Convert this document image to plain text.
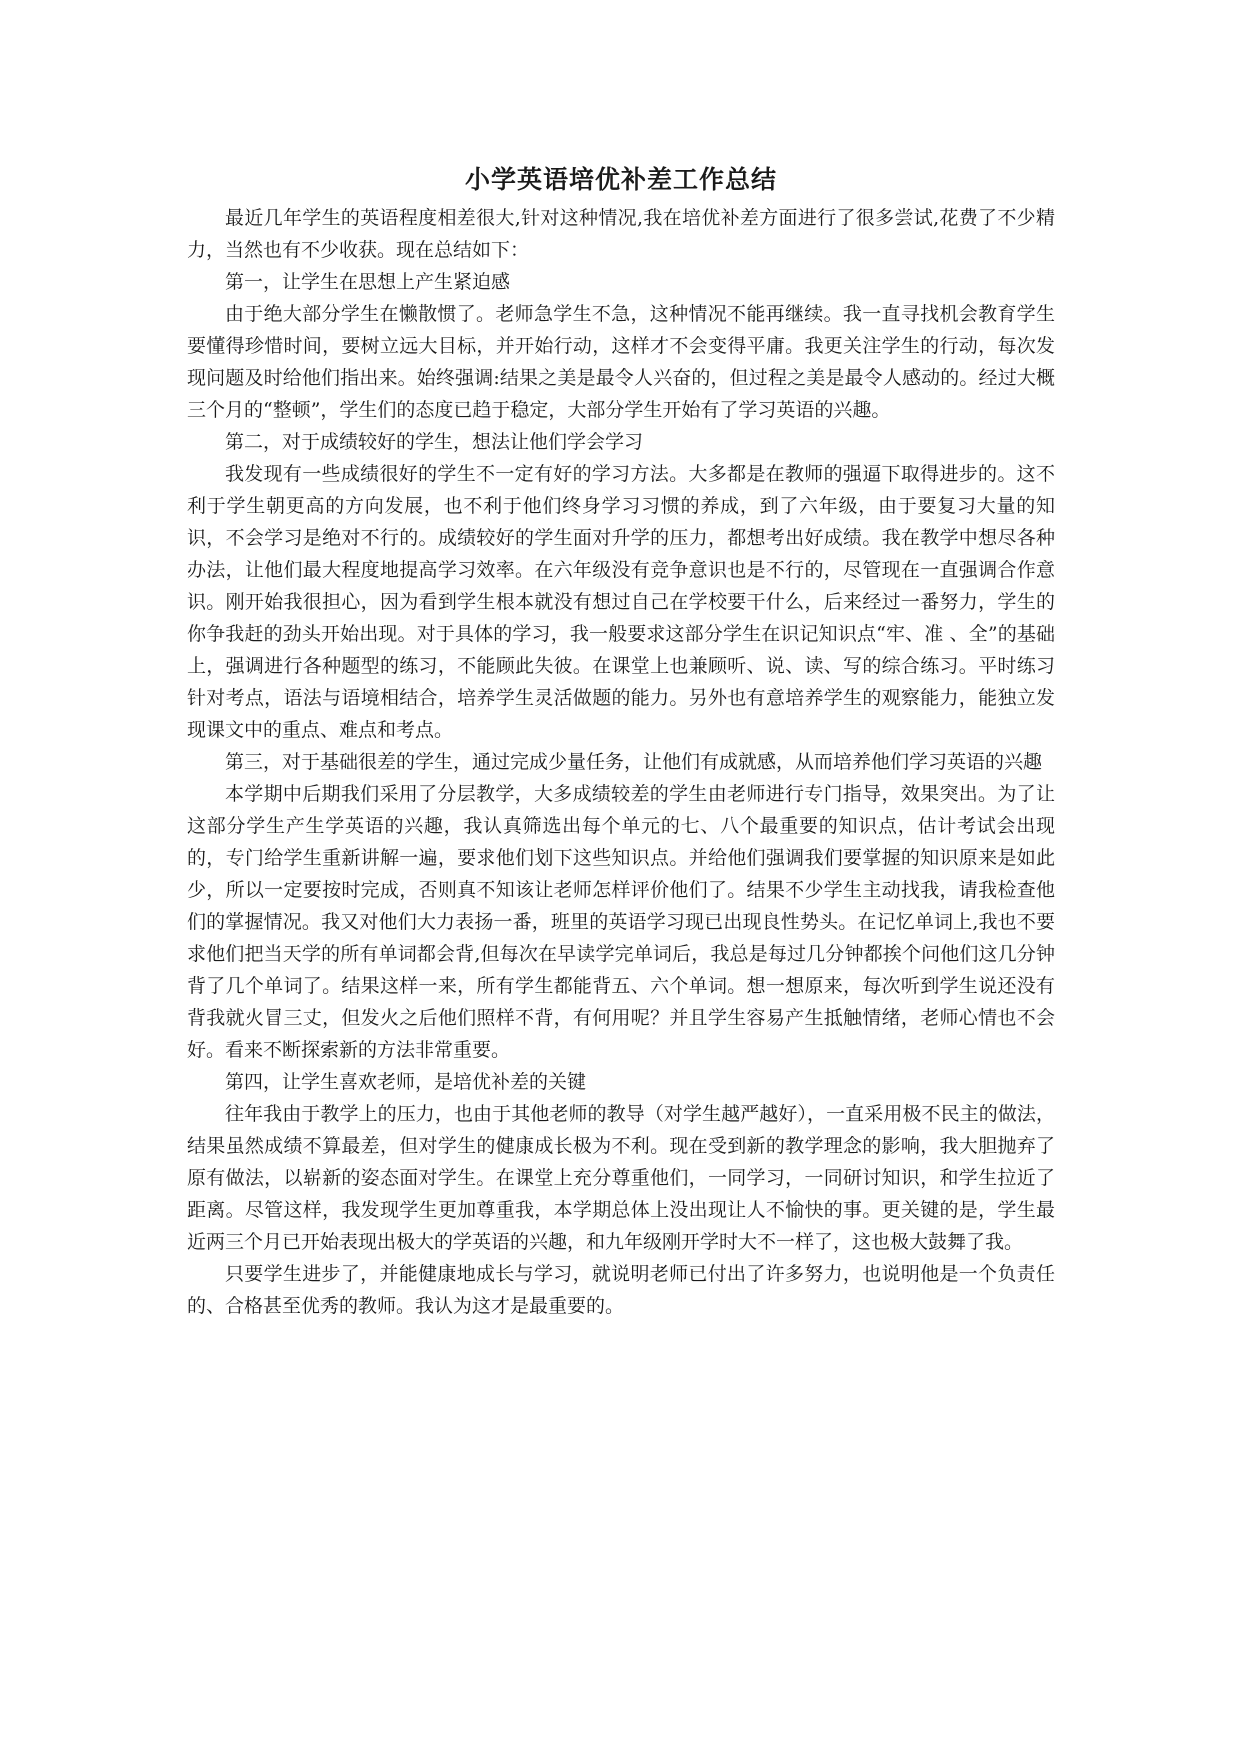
小学英语培优补差工作总结

最近几年学生的英语程度相差很大,针对这种情况,我在培优补差方面进行了很多尝试,花费了不少精力，当然也有不少收获。现在总结如下：

第一，让学生在思想上产生紧迫感

由于绝大部分学生在懒散惯了。老师急学生不急，这种情况不能再继续。我一直寻找机会教育学生要懂得珍惜时间，要树立远大目标，并开始行动，这样才不会变得平庸。我更关注学生的行动，每次发现问题及时给他们指出来。始终强调:结果之美是最令人兴奋的，但过程之美是最令人感动的。经过大概三个月的“整顿”，学生们的态度已趋于稳定，大部分学生开始有了学习英语的兴趣。

第二，对于成绩较好的学生，想法让他们学会学习

我发现有一些成绩很好的学生不一定有好的学习方法。大多都是在教师的强逼下取得进步的。这不利于学生朝更高的方向发展，也不利于他们终身学习习惯的养成，到了六年级，由于要复习大量的知识，不会学习是绝对不行的。成绩较好的学生面对升学的压力，都想考出好成绩。我在教学中想尽各种办法，让他们最大程度地提高学习效率。在六年级没有竞争意识也是不行的，尽管现在一直强调合作意识。刚开始我很担心，因为看到学生根本就没有想过自己在学校要干什么，后来经过一番努力，学生的你争我赶的劲头开始出现。对于具体的学习，我一般要求这部分学生在识记知识点“牢、准 、全”的基础上，强调进行各种题型的练习，不能顾此失彼。在课堂上也兼顾听、说、读、写的综合练习。平时练习针对考点，语法与语境相结合，培养学生灵活做题的能力。另外也有意培养学生的观察能力，能独立发现课文中的重点、难点和考点。

第三，对于基础很差的学生，通过完成少量任务，让他们有成就感，从而培养他们学习英语的兴趣

本学期中后期我们采用了分层教学，大多成绩较差的学生由老师进行专门指导，效果突出。为了让这部分学生产生学英语的兴趣，我认真筛选出每个单元的七、八个最重要的知识点，估计考试会出现的，专门给学生重新讲解一遍，要求他们划下这些知识点。并给他们强调我们要掌握的知识原来是如此少，所以一定要按时完成，否则真不知该让老师怎样评价他们了。结果不少学生主动找我，请我检查他们的掌握情况。我又对他们大力表扬一番，班里的英语学习现已出现良性势头。在记忆单词上,我也不要求他们把当天学的所有单词都会背,但每次在早读学完单词后，我总是每过几分钟都挨个问他们这几分钟背了几个单词了。结果这样一来，所有学生都能背五、六个单词。想一想原来，每次听到学生说还没有背我就火冒三丈，但发火之后他们照样不背，有何用呢？并且学生容易产生抵触情绪，老师心情也不会好。看来不断探索新的方法非常重要。

第四，让学生喜欢老师，是培优补差的关键

往年我由于教学上的压力，也由于其他老师的教导（对学生越严越好），一直采用极不民主的做法，结果虽然成绩不算最差，但对学生的健康成长极为不利。现在受到新的教学理念的影响，我大胆抛弃了原有做法，以崭新的姿态面对学生。在课堂上充分尊重他们，一同学习，一同研讨知识，和学生拉近了距离。尽管这样，我发现学生更加尊重我，本学期总体上没出现让人不愉快的事。更关键的是，学生最近两三个月已开始表现出极大的学英语的兴趣，和九年级刚开学时大不一样了，这也极大鼓舞了我。

只要学生进步了，并能健康地成长与学习，就说明老师已付出了许多努力，也说明他是一个负责任的、合格甚至优秀的教师。我认为这才是最重要的。
